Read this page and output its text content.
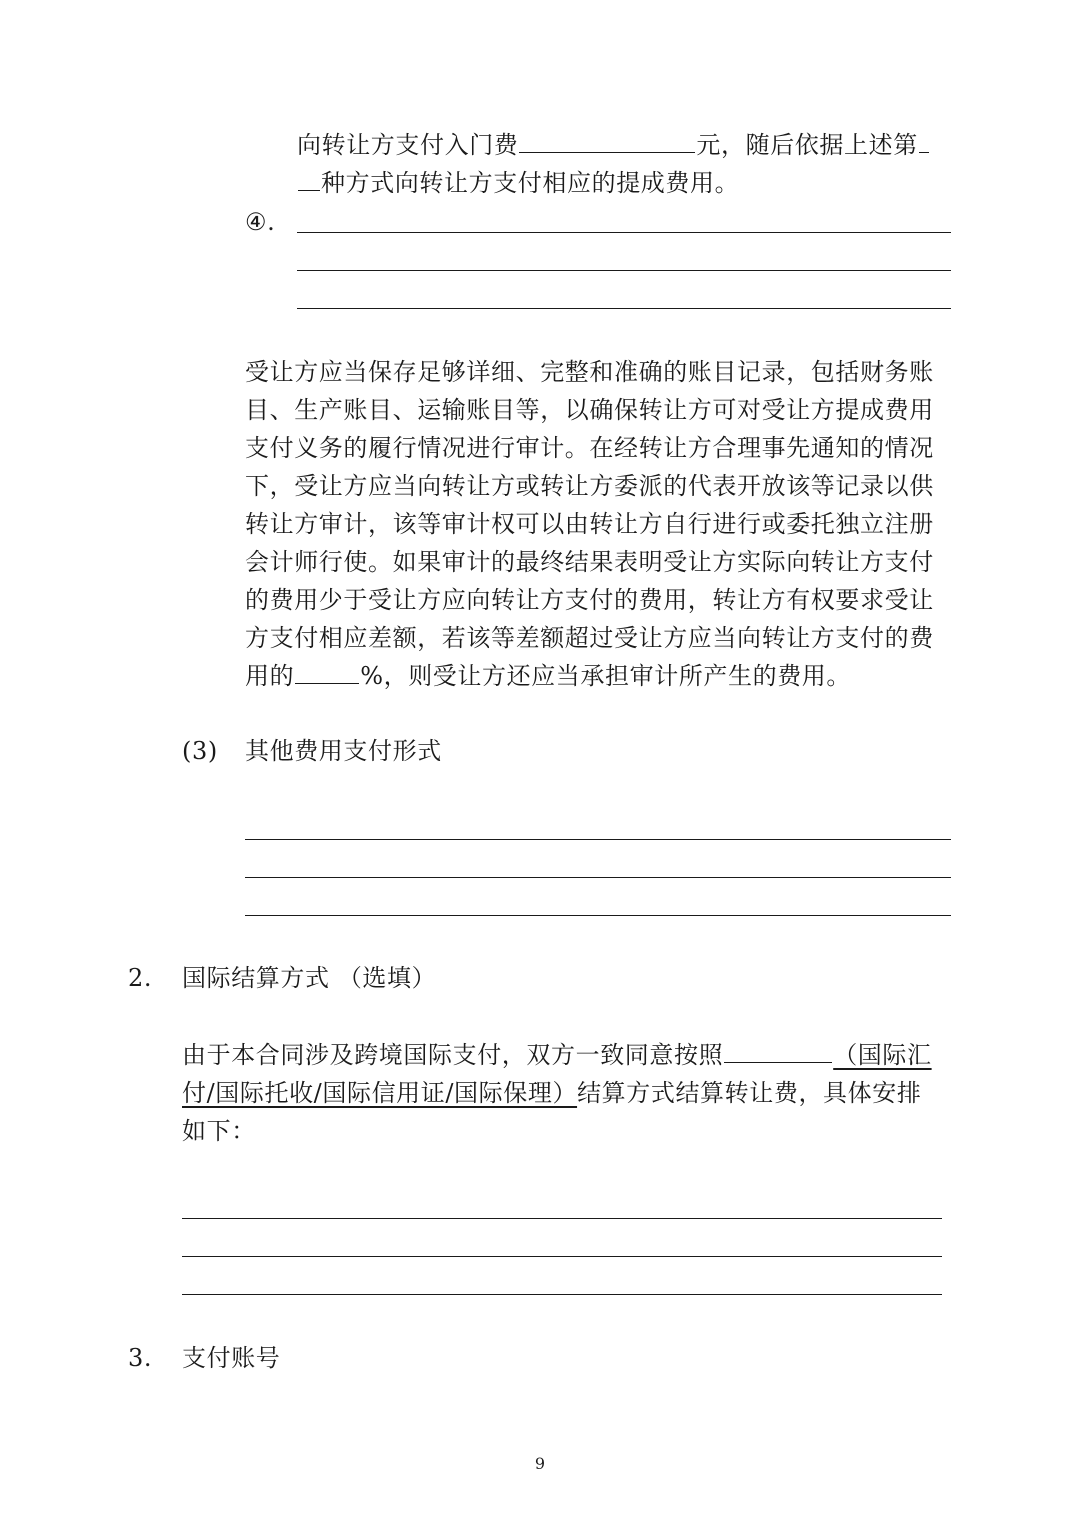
向转让方支付入门费	元，随后依据上述第
种方式向转让方支付相应的提成费用。
④.
受让方应当保存足够详细、完整和准确的账目记录，包括财务账
目、生产账目、运输账目等，以确保转让方可对受让方提成费用
支付义务的履行情况进行审计。在经转让方合理事先通知的情况
下，受让方应当向转让方或转让方委派的代表开放该等记录以供
转让方审计，该等审计权可以由转让方自行进行或委托独立注册
会计师行使。如果审计的最终结果表明受让方实际向转让方支付
的费用少于受让方应向转让方支付的费用，转让方有权要求受让
方支付相应差额，若该等差额超过受让方应当向转让方支付的费
用的	%，则受让方还应当承担审计所产生的费用。
(3) 其他费用支付形式
2. 国际结算方式 （选填）
由于本合同涉及跨境国际支付，双方一致同意按照	（国际汇
付/国际托收/国际信用证/国际保理）结算方式结算转让费，具体安排
如下：
3. 支付账号
9
